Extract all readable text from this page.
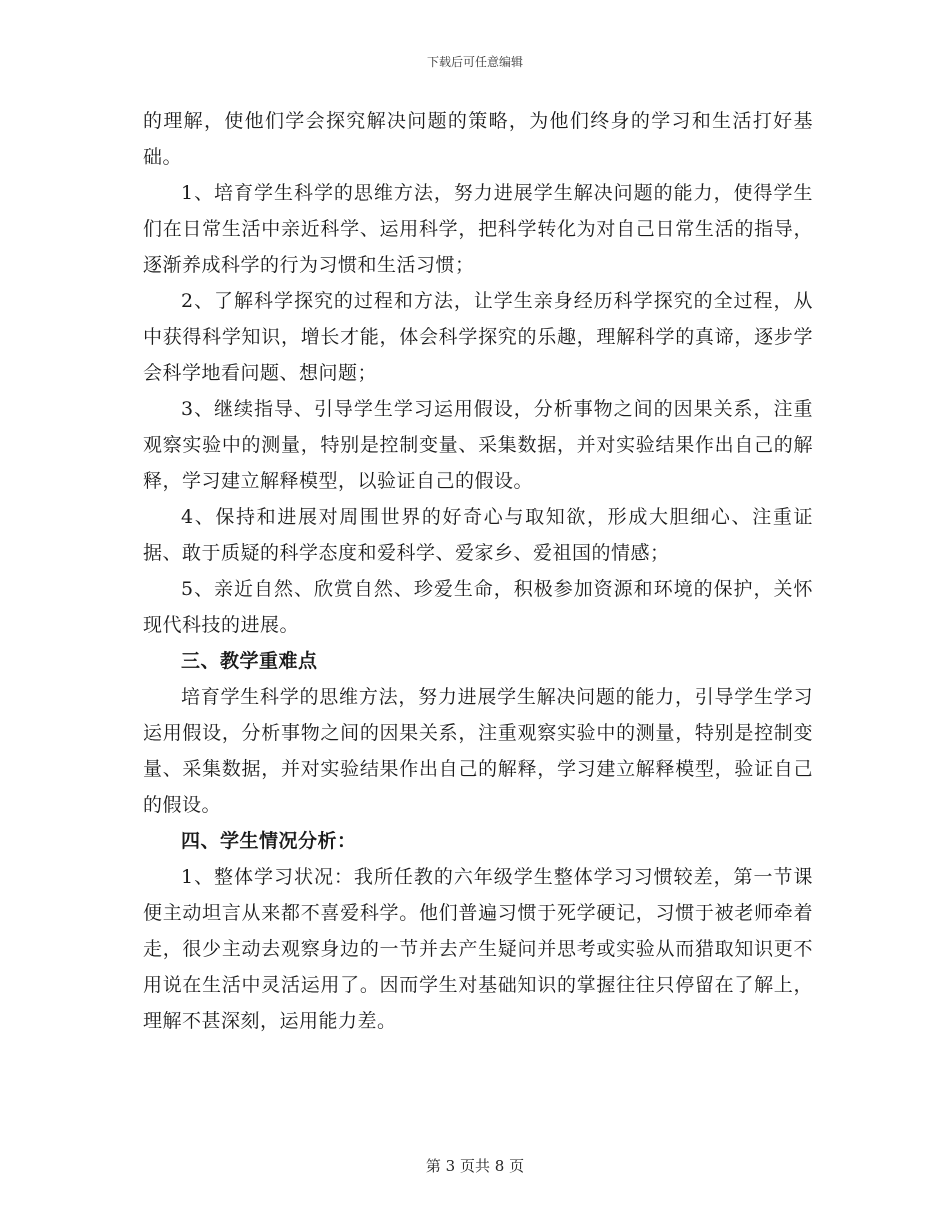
下载后可任意编辑

的理解，使他们学会探究解决问题的策略，为他们终身的学习和生活打好基础。

1、培育学生科学的思维方法，努力进展学生解决问题的能力，使得学生们在日常生活中亲近科学、运用科学，把科学转化为对自己日常生活的指导，逐渐养成科学的行为习惯和生活习惯；

2、了解科学探究的过程和方法，让学生亲身经历科学探究的全过程，从中获得科学知识，增长才能，体会科学探究的乐趣，理解科学的真谛，逐步学会科学地看问题、想问题；

3、继续指导、引导学生学习运用假设，分析事物之间的因果关系，注重观察实验中的测量，特别是控制变量、采集数据，并对实验结果作出自己的解释，学习建立解释模型，以验证自己的假设。

4、保持和进展对周围世界的好奇心与取知欲，形成大胆细心、注重证据、敢于质疑的科学态度和爱科学、爱家乡、爱祖国的情感；

5、亲近自然、欣赏自然、珍爱生命，积极参加资源和环境的保护，关怀现代科技的进展。

三、教学重难点

培育学生科学的思维方法，努力进展学生解决问题的能力，引导学生学习运用假设，分析事物之间的因果关系，注重观察实验中的测量，特别是控制变量、采集数据，并对实验结果作出自己的解释，学习建立解释模型，验证自己的假设。

四、学生情况分析：

1、整体学习状况：我所任教的六年级学生整体学习习惯较差，第一节课便主动坦言从来都不喜爱科学。他们普遍习惯于死学硬记，习惯于被老师牵着走，很少主动去观察身边的一节并去产生疑问并思考或实验从而猎取知识更不用说在生活中灵活运用了。因而学生对基础知识的掌握往往只停留在了解上，理解不甚深刻，运用能力差。

第 3 页共 8 页
